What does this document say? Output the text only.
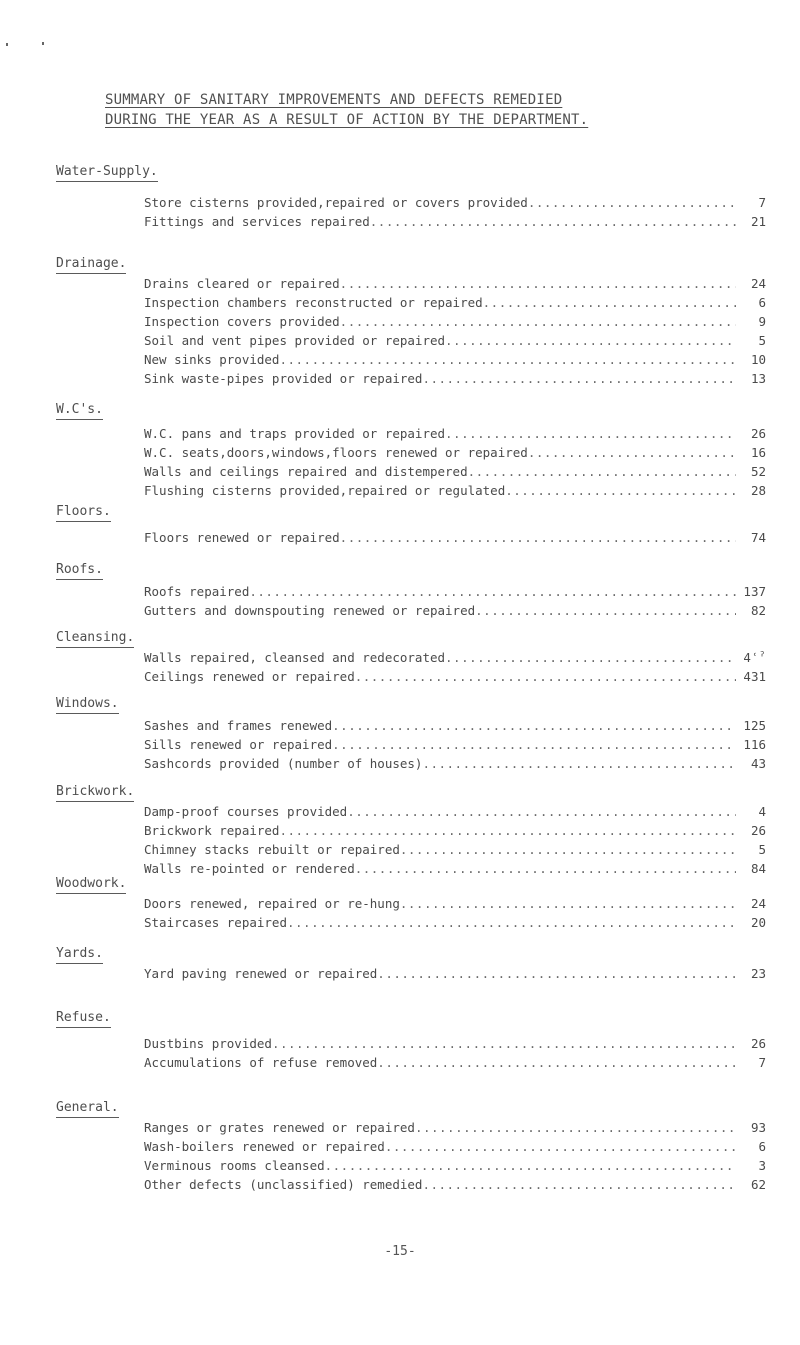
SUMMARY OF SANITARY IMPROVEMENTS AND DEFECTS REMEDIED
DURING THE YEAR AS A RESULT OF ACTION BY THE DEPARTMENT.
Water-Supply.
Store cisterns provided,repaired or covers provided .....	7
Fittings and services repaired .....	21
Drainage.
Drains cleared or repaired .....	24
Inspection chambers reconstructed or repaired .....	6
Inspection covers provided .....	9
Soil and vent pipes provided or repaired .....	5
New sinks provided .....	10
Sink waste-pipes provided or repaired .....	13
W.C's.
W.C. pans and traps provided or repaired .....	26
W.C. seats,doors,windows,floors renewed or repaired .....	16
Walls and ceilings repaired and distempered .....	52
Flushing cisterns provided,repaired or regulated .....	28
Floors.
Floors renewed or repaired .....	74
Roofs.
Roofs repaired .....	137
Gutters and downspouting renewed or repaired .....	82
Cleansing.
Walls repaired, cleansed and redecorated .....	4ʿˀ
Ceilings renewed or repaired .....	431
Windows.
Sashes and frames renewed .....	125
Sills renewed or repaired .....	116
Sashcords provided (number of houses) .....	43
Brickwork.
Damp-proof courses provided .....	4
Brickwork repaired .....	26
Chimney stacks rebuilt or repaired .....	5
Walls re-pointed or rendered .....	84
Woodwork.
Doors renewed, repaired or re-hung .....	24
Staircases repaired .....	20
Yards.
Yard paving renewed or repaired .....	23
Refuse.
Dustbins provided .....	26
Accumulations of refuse removed .....	7
General.
Ranges or grates renewed or repaired .....	93
Wash-boilers renewed or repaired .....	6
Verminous rooms cleansed .....	3
Other defects (unclassified) remedied .....	62
-15-
